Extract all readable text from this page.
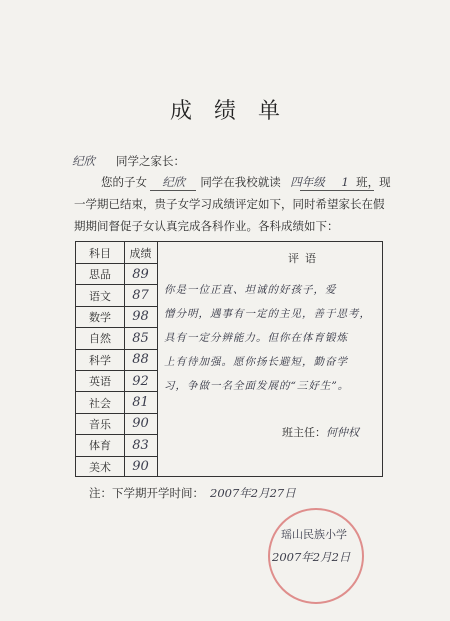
成绩单
纪欣 同学之家长：
您的子女 纪欣 同学在我校就读 四年级 1 班，现
一学期已结束，贵子女学习成绩评定如下，同时希望家长在假
期期间督促子女认真完成各科作业。各科成绩如下：
科目	成绩
思品	89
语文	87
数学	98
自然	85
科学	88
英语	92
社会	81
音乐	90
体育	83
美术	90
评语
你是一位正直、坦诚的好孩子，爱
憎分明，遇事有一定的主见，善于思考，
具有一定分辨能力。但你在体育锻炼
上有待加强。愿你扬长避短，勤奋学
习，争做一名全面发展的“三好生”。
班主任：何仲权
注：下学期开学时间： 2007年2月27日
瑶山民族小学
2007年2月2日
